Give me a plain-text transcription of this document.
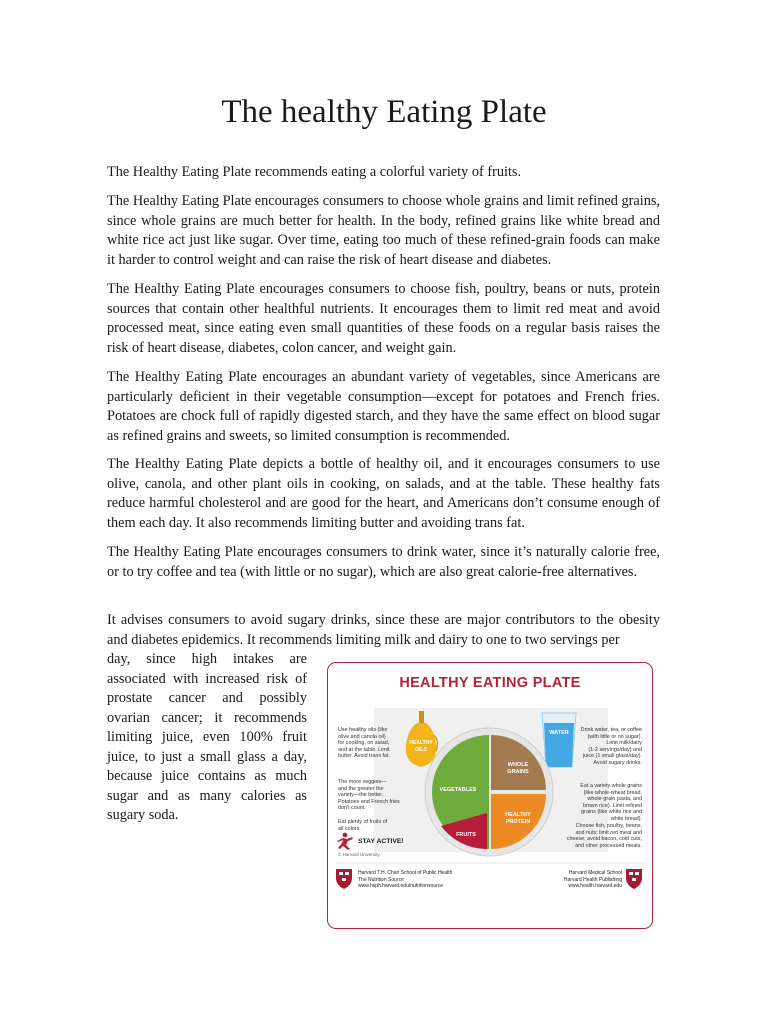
The healthy Eating Plate

The Healthy Eating Plate recommends eating a colorful variety of fruits.

The Healthy Eating Plate encourages consumers to choose whole grains and limit refined grains, since whole grains are much better for health. In the body, refined grains like white bread and white rice act just like sugar. Over time, eating too much of these refined-grain foods can make it harder to control weight and can raise the risk of heart disease and diabetes.

The Healthy Eating Plate encourages consumers to choose fish, poultry, beans or nuts, protein sources that contain other healthful nutrients. It encourages them to limit red meat and avoid processed meat, since eating even small quantities of these foods on a regular basis raises the risk of heart disease, diabetes, colon cancer, and weight gain.

The Healthy Eating Plate encourages an abundant variety of vegetables, since Americans are particularly deficient in their vegetable consumption—except for potatoes and French fries. Potatoes are chock full of rapidly digested starch, and they have the same effect on blood sugar as refined grains and sweets, so limited consumption is recommended.

The Healthy Eating Plate depicts a bottle of healthy oil, and it encourages consumers to use olive, canola, and other plant oils in cooking, on salads, and at the table. These healthy fats reduce harmful cholesterol and are good for the heart, and Americans don’t consume enough of them each day. It also recommends limiting butter and avoiding trans fat.

The Healthy Eating Plate encourages consumers to drink water, since it’s naturally calorie free, or to try coffee and tea (with little or no sugar), which are also great calorie-free alternatives.

It advises consumers to avoid sugary drinks, since these are major contributors to the obesity and diabetes epidemics. It recommends limiting milk and dairy to one to two servings per

day, since high intakes are associated with increased risk of prostate cancer and possibly ovarian cancer; it recommends limiting juice, even 100% fruit juice, to just a small glass a day, because juice contains as much sugar and as many calories as sugary soda.

HEALTHY EATING PLATE
HEALTHY
OILS
WATER
VEGETABLES
WHOLE
GRAINS
HEALTHY
PROTEIN
FRUITS
Use healthy oils (like
olive and canola oil)
for cooking, on salad,
and at the table. Limit
butter. Avoid trans fat.
The more veggies—
and the greater the
variety—the better.
Potatoes and French fries
don't count.
Eat plenty of fruits of
all colors.
Drink water, tea, or coffee
(with little or no sugar).
Limit milk/dairy
(1-2 servings/day) and
juice (1 small glass/day).
Avoid sugary drinks.
Eat a variety whole grains
(like whole-wheat bread,
whole-grain pasta, and
brown rice). Limit refined
grains (like white rice and
white bread).
Choose fish, poultry, beans,
and nuts; limit red meat and
cheese; avoid bacon, cold cuts,
and other processed meats.
STAY ACTIVE!
© Harvard University
Harvard T.H. Chan School of Public Health
The Nutrition Source
www.hsph.harvard.edu/nutritionsource
Harvard Medical School
Harvard Health Publishing
www.health.harvard.edu
